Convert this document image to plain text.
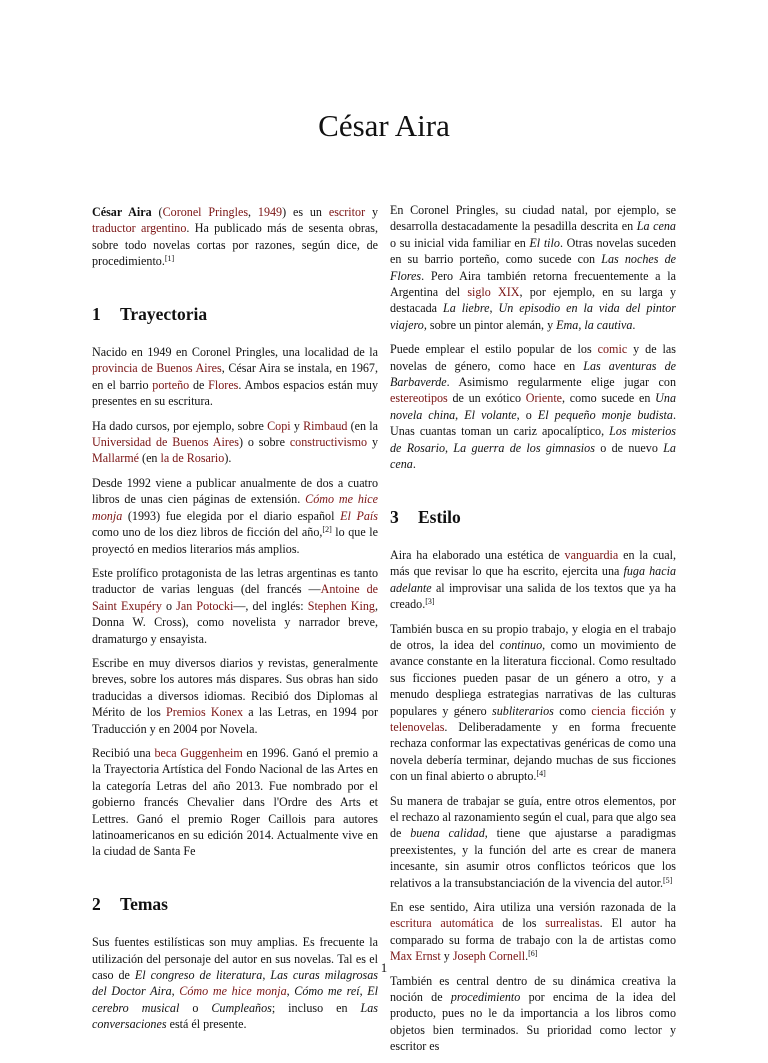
César Aira

César Aira (Coronel Pringles, 1949) es un escritor y traductor argentino. Ha publicado más de sesenta obras, sobre todo novelas cortas por razones, según dice, de procedimiento.[1]

1 Trayectoria

Nacido en 1949 en Coronel Pringles, una localidad de la provincia de Buenos Aires, César Aira se instala, en 1967, en el barrio porteño de Flores. Ambos espacios están muy presentes en su escritura.

Ha dado cursos, por ejemplo, sobre Copi y Rimbaud (en la Universidad de Buenos Aires) o sobre constructivismo y Mallarmé (en la de Rosario).

Desde 1992 viene a publicar anualmente de dos a cuatro libros de unas cien páginas de extensión. Cómo me hice monja (1993) fue elegida por el diario español El País como uno de los diez libros de ficción del año,[2] lo que le proyectó en medios literarios más amplios.

Este prolífico protagonista de las letras argentinas es tanto traductor de varias lenguas (del francés —Antoine de Saint Exupéry o Jan Potocki—, del inglés: Stephen King, Donna W. Cross), como novelista y narrador breve, dramaturgo y ensayista.

Escribe en muy diversos diarios y revistas, generalmente breves, sobre los autores más dispares. Sus obras han sido traducidas a diversos idiomas. Recibió dos Diplomas al Mérito de los Premios Konex a las Letras, en 1994 por Traducción y en 2004 por Novela.

Recibió una beca Guggenheim en 1996. Ganó el premio a la Trayectoria Artística del Fondo Nacional de las Artes en la categoría Letras del año 2013. Fue nombrado por el gobierno francés Chevalier dans l'Ordre des Arts et Lettres. Ganó el premio Roger Caillois para autores latinoamericanos en su edición 2014. Actualmente vive en la ciudad de Santa Fe

2 Temas

Sus fuentes estilísticas son muy amplias. Es frecuente la utilización del personaje del autor en sus novelas. Tal es el caso de El congreso de literatura, Las curas milagrosas del Doctor Aira, Cómo me hice monja, Cómo me reí, El cerebro musical o Cumpleaños; incluso en Las conversaciones está él presente.

En Coronel Pringles, su ciudad natal, por ejemplo, se desarrolla destacadamente la pesadilla descrita en La cena o su inicial vida familiar en El tilo. Otras novelas suceden en su barrio porteño, como sucede con Las noches de Flores. Pero Aira también retorna frecuentemente a la Argentina del siglo XIX, por ejemplo, en su larga y destacada La liebre, Un episodio en la vida del pintor viajero, sobre un pintor alemán, y Ema, la cautiva.

Puede emplear el estilo popular de los comic y de las novelas de género, como hace en Las aventuras de Barbaverde. Asimismo regularmente elige jugar con estereotipos de un exótico Oriente, como sucede en Una novela china, El volante, o El pequeño monje budista. Unas cuantas toman un cariz apocalíptico, Los misterios de Rosario, La guerra de los gimnasios o de nuevo La cena.

3 Estilo

Aira ha elaborado una estética de vanguardia en la cual, más que revisar lo que ha escrito, ejercita una fuga hacia adelante al improvisar una salida de los textos que ya ha creado.[3]

También busca en su propio trabajo, y elogia en el trabajo de otros, la idea del continuo, como un movimiento de avance constante en la literatura ficcional. Como resultado sus ficciones pueden pasar de un género a otro, y a menudo despliega estrategias narrativas de las culturas populares y género subliterarios como ciencia ficción y telenovelas. Deliberadamente y en forma frecuente rechaza conformar las expectativas genéricas de como una novela debería terminar, dejando muchas de sus ficciones con un final abierto o abrupto.[4]

Su manera de trabajar se guía, entre otros elementos, por el rechazo al razonamiento según el cual, para que algo sea de buena calidad, tiene que ajustarse a paradigmas preexistentes, y la función del arte es crear de manera incesante, sin asumir otros conflictos teóricos que los relativos a la transubstanciación de la vivencia del autor.[5]

En ese sentido, Aira utiliza una versión razonada de la escritura automática de los surrealistas. El autor ha comparado su forma de trabajo con la de artistas como Max Ernst y Joseph Cornell.[6]

También es central dentro de su dinámica creativa la noción de procedimiento por encima de la idea del producto, pues no le da importancia a los libros como objetos bien terminados. Su prioridad como lector y escritor es

1
